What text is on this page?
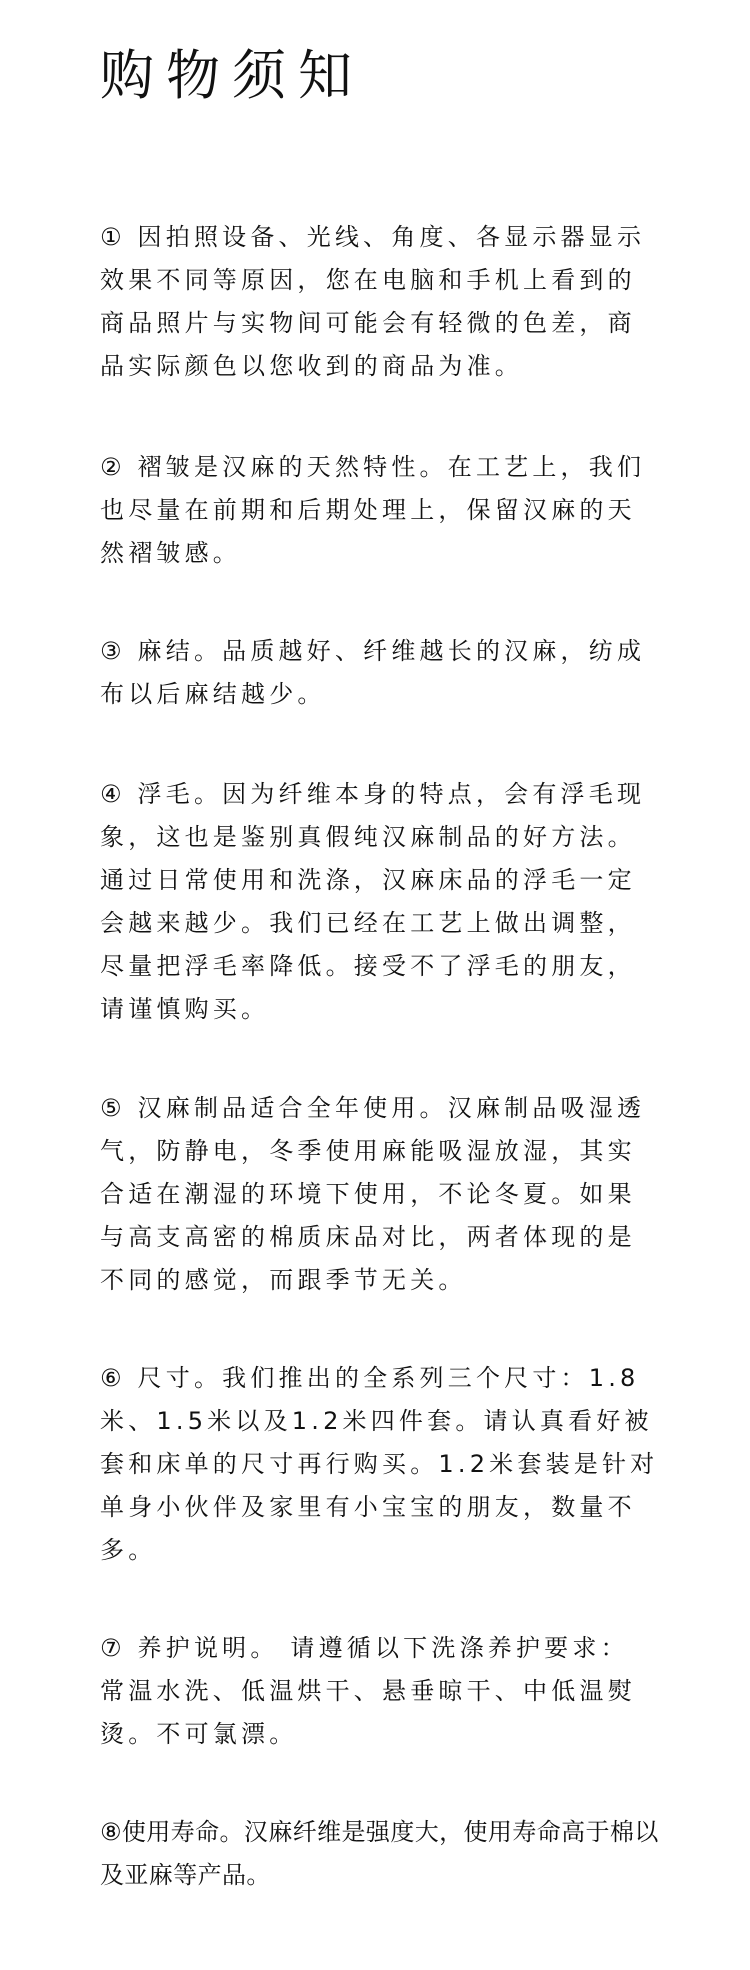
购物须知

① 因拍照设备、光线、角度、各显示器显示
效果不同等原因，您在电脑和手机上看到的
商品照片与实物间可能会有轻微的色差，商
品实际颜色以您收到的商品为准。

② 褶皱是汉麻的天然特性。在工艺上，我们
也尽量在前期和后期处理上，保留汉麻的天
然褶皱感。

③ 麻结。品质越好、纤维越长的汉麻，纺成
布以后麻结越少。

④ 浮毛。因为纤维本身的特点，会有浮毛现
象，这也是鉴别真假纯汉麻制品的好方法。
通过日常使用和洗涤，汉麻床品的浮毛一定
会越来越少。我们已经在工艺上做出调整，
尽量把浮毛率降低。接受不了浮毛的朋友，
请谨慎购买。

⑤ 汉麻制品适合全年使用。汉麻制品吸湿透
气，防静电，冬季使用麻能吸湿放湿，其实
合适在潮湿的环境下使用，不论冬夏。如果
与高支高密的棉质床品对比，两者体现的是
不同的感觉，而跟季节无关。

⑥ 尺寸。我们推出的全系列三个尺寸：1.8
米、1.5米以及1.2米四件套。请认真看好被
套和床单的尺寸再行购买。1.2米套装是针对
单身小伙伴及家里有小宝宝的朋友，数量不
多。

⑦ 养护说明。 请遵循以下洗涤养护要求：
常温水洗、低温烘干、悬垂晾干、中低温熨
烫。不可氯漂。

⑧使用寿命。汉麻纤维是强度大，使用寿命高于棉以
及亚麻等产品。
